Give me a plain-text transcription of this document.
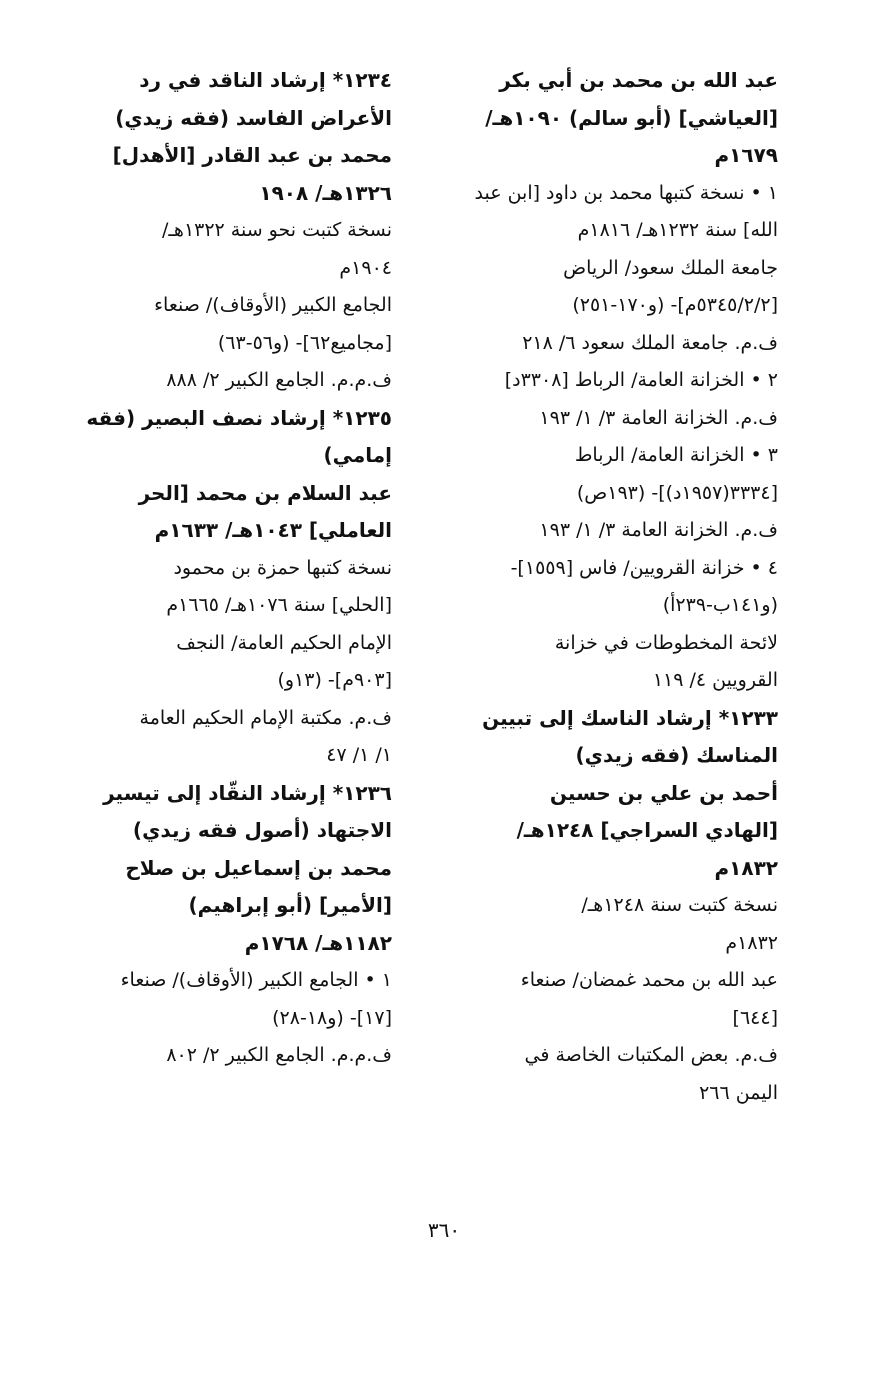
عبد الله بن محمد بن أبي بكر
[العياشي] (أبو سالم) ١٠٩٠هـ/
١٦٧٩م
١ • نسخة كتبها محمد بن داود [ابن عبد
الله] سنة ١٢٣٢هـ/ ١٨١٦م
جامعة الملك سعود/ الرياض
[٥٣٤٥/٢/٢م]- (و١٧٠-٢٥١)
ف.م. جامعة الملك سعود ٦/ ٢١٨
٢ • الخزانة العامة/ الرباط [٣٣٠٨د]
ف.م. الخزانة العامة ٣/ ١/ ١٩٣
٣ • الخزانة العامة/ الرباط
[٣٣٣٤(١٩٥٧د)]- (١٩٣ص)
ف.م. الخزانة العامة ٣/ ١/ ١٩٣
٤ • خزانة القرويين/ فاس [١٥٥٩]-
(و١٤١ب-٢٣٩أ)
لائحة المخطوطات في خزانة
القرويين ٤/ ١١٩
١٢٣٣* إرشاد الناسك إلى تبيين
المناسك (فقه زيدي)
أحمد بن علي بن حسين
[الهادي السراجي] ١٢٤٨هـ/
١٨٣٢م
نسخة كتبت سنة ١٢٤٨هـ/
١٨٣٢م
عبد الله بن محمد غمضان/ صنعاء
[٦٤٤]
ف.م. بعض المكتبات الخاصة في
اليمن ٢٦٦
١٢٣٤* إرشاد الناقد في رد
الأعراض الفاسد (فقه زيدي)
محمد بن عبد القادر [الأهدل]
١٣٢٦هـ/ ١٩٠٨
نسخة كتبت نحو سنة ١٣٢٢هـ/
١٩٠٤م
الجامع الكبير (الأوقاف)/ صنعاء
[مجاميع٦٢]- (و٥٦-٦٣)
ف.م.م. الجامع الكبير ٢/ ٨٨٨
١٢٣٥* إرشاد نصف البصير (فقه
إمامي)
عبد السلام بن محمد [الحر
العاملي] ١٠٤٣هـ/ ١٦٣٣م
نسخة كتبها حمزة بن محمود
[الحلي] سنة ١٠٧٦هـ/ ١٦٦٥م
الإمام الحكيم العامة/ النجف
[٩٠٣م]- (١٣و)
ف.م. مكتبة الإمام الحكيم العامة
١/ ١/ ٤٧
١٢٣٦* إرشاد النقّاد إلى تيسير
الاجتهاد (أصول فقه زيدي)
محمد بن إسماعيل بن صلاح
[الأمير] (أبو إبراهيم)
١١٨٢هـ/ ١٧٦٨م
١ • الجامع الكبير (الأوقاف)/ صنعاء
[١٧]- (و١٨-٢٨)
ف.م.م. الجامع الكبير ٢/ ٨٠٢
٣٦٠
